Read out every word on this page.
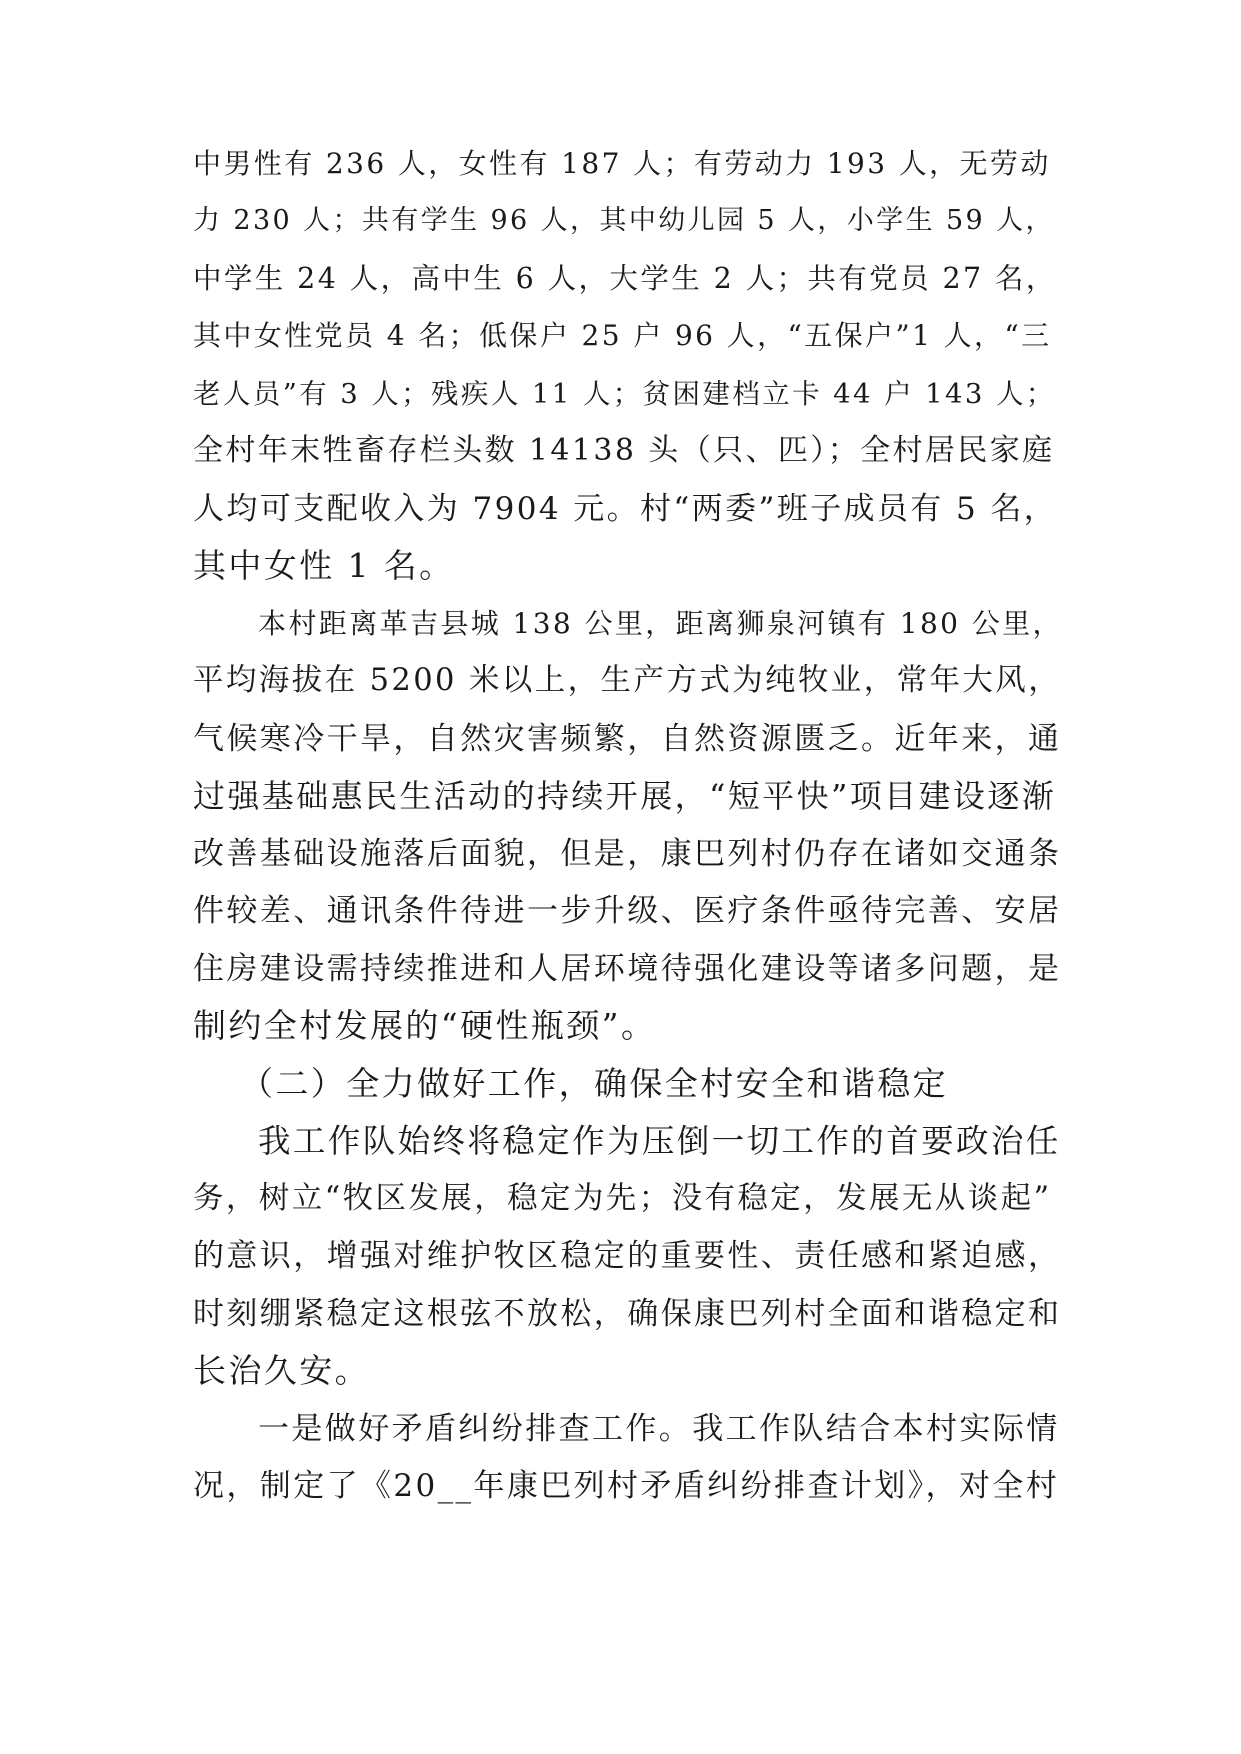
中男性有 236 人，女性有 187 人；有劳动力 193 人，无劳动
力 230 人；共有学生 96 人，其中幼儿园 5 人，小学生 59 人，
中学生 24 人，高中生 6 人，大学生 2 人；共有党员 27 名，
其中女性党员 4 名；低保户 25 户 96 人，“五保户”1 人，“三
老人员”有 3 人；残疾人 11 人；贫困建档立卡 44 户 143 人；
全村年末牲畜存栏头数 14138 头（只、匹）；全村居民家庭
人均可支配收入为 7904 元。村“两委”班子成员有 5 名，
其中女性 1 名。
本村距离革吉县城 138 公里，距离狮泉河镇有 180 公里，
平均海拔在 5200 米以上，生产方式为纯牧业，常年大风，
气候寒冷干旱，自然灾害频繁，自然资源匮乏。近年来，通
过强基础惠民生活动的持续开展，“短平快”项目建设逐渐
改善基础设施落后面貌，但是，康巴列村仍存在诸如交通条
件较差、通讯条件待进一步升级、医疗条件亟待完善、安居
住房建设需持续推进和人居环境待强化建设等诸多问题，是
制约全村发展的“硬性瓶颈”。
（二）全力做好工作，确保全村安全和谐稳定
我工作队始终将稳定作为压倒一切工作的首要政治任
务，树立“牧区发展，稳定为先；没有稳定，发展无从谈起”
的意识，增强对维护牧区稳定的重要性、责任感和紧迫感，
时刻绷紧稳定这根弦不放松，确保康巴列村全面和谐稳定和
长治久安。
一是做好矛盾纠纷排查工作。我工作队结合本村实际情
况，制定了《20__年康巴列村矛盾纠纷排查计划》，对全村
